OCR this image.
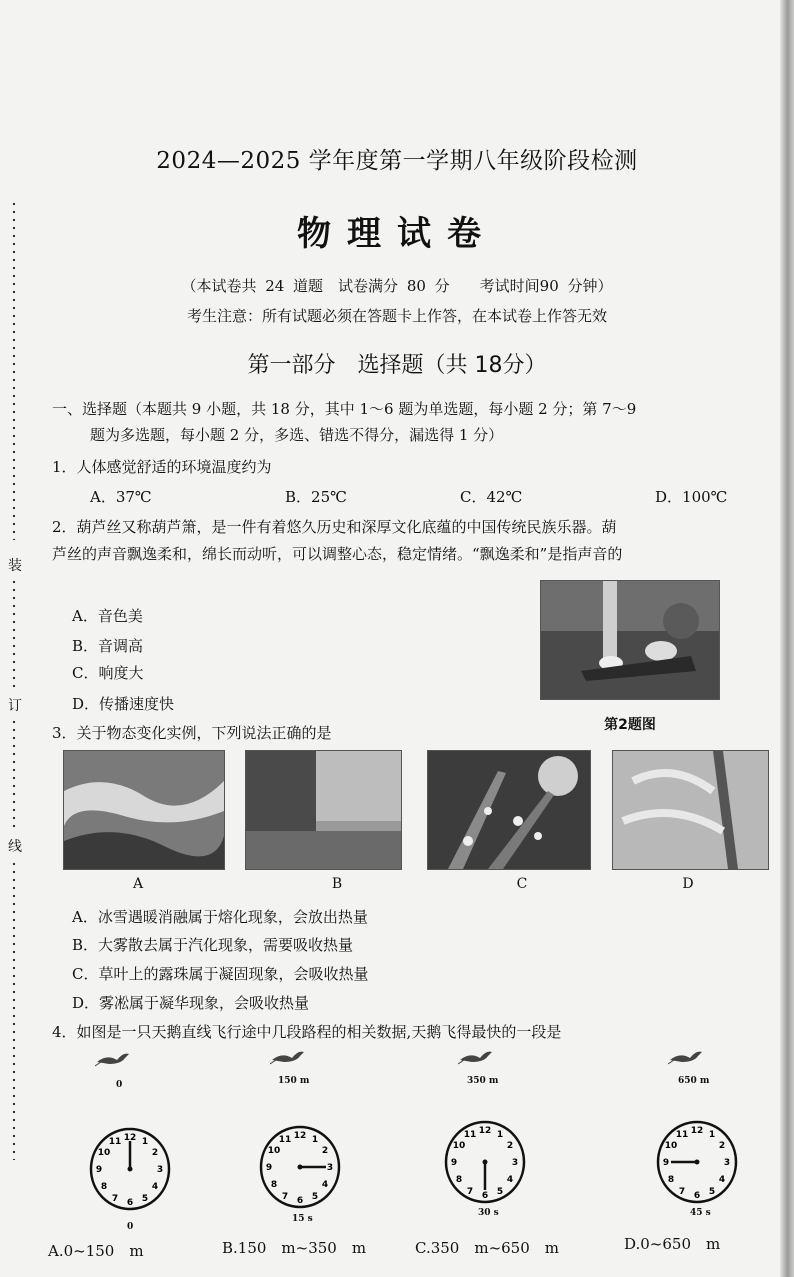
装
订
线
2024—2025 学年度第一学期八年级阶段检测
物理试卷
（本试卷共 24 道题　试卷满分 80 分　　考试时间90 分钟）
考生注意：所有试题必须在答题卡上作答，在本试卷上作答无效
第一部分　选择题（共 18分）
一、选择题（本题共 9 小题，共 18 分，其中 1～6 题为单选题，每小题 2 分；第 7～9
题为多选题，每小题 2 分，多选、错选不得分，漏选得 1 分）
1．人体感觉舒适的环境温度约为
A．37℃	B．25℃	C．42℃	D．100℃
2．葫芦丝又称葫芦箫，是一件有着悠久历史和深厚文化底蕴的中国传统民族乐器。葫
芦丝的声音飘逸柔和，绵长而动听，可以调整心态，稳定情绪。“飘逸柔和”是指声音的
A．音色美
B．音调高
C．响度大
D．传播速度快
第2题图
3．关于物态变化实例，下列说法正确的是
A	B	C	D
A．冰雪遇暖消融属于熔化现象，会放出热量
B．大雾散去属于汽化现象，需要吸收热量
C．草叶上的露珠属于凝固现象，会吸收热量
D．雾凇属于凝华现象，会吸收热量
4．如图是一只天鹅直线飞行途中几段路程的相关数据,天鹅飞得最快的一段是
0	150 m	350 m	650 m
12 1
2
3
4
5
6
7
8
9
10
11
12 1
2
3
4
5
6
7
8
9
10
11
12 1
2
3
4
5
6
7
8
9
10
11	12 1
2
3
4
5
6
7
8
9
10
11
0
15 s
30 s	45 s
A.0~150　m	B.150　m~350　m	C.350　m~650　m	D.0~650　m
